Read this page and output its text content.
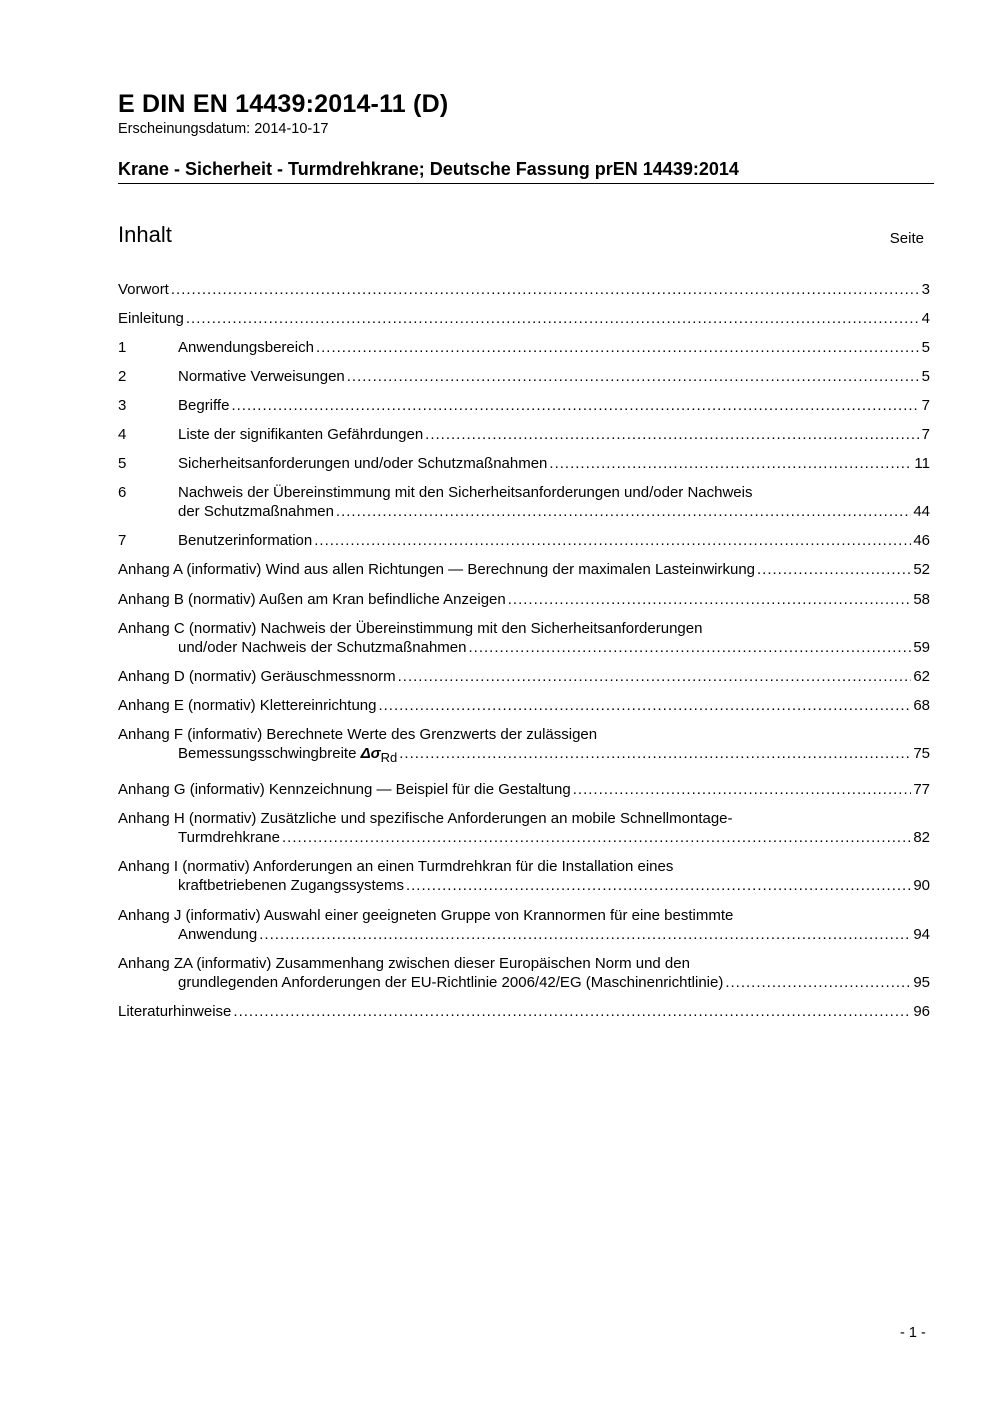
E DIN EN 14439:2014-11 (D)
Erscheinungsdatum: 2014-10-17
Krane - Sicherheit - Turmdrehkrane; Deutsche Fassung prEN 14439:2014
Inhalt	Seite
Vorwort .....	3
Einleitung .....	4
1	Anwendungsbereich .....	5
2	Normative Verweisungen .....	5
3	Begriffe .....	7
4	Liste der signifikanten Gefährdungen .....	7
5	Sicherheitsanforderungen und/oder Schutzmaßnahmen .....	11
6	Nachweis der Übereinstimmung mit den Sicherheitsanforderungen und/oder Nachweis
der Schutzmaßnahmen .....	44
7	Benutzerinformation .....	46
Anhang A (informativ) Wind aus allen Richtungen — Berechnung der maximalen Lasteinwirkung .....	52
Anhang B (normativ) Außen am Kran befindliche Anzeigen .....	58
Anhang C (normativ) Nachweis der Übereinstimmung mit den Sicherheitsanforderungen
und/oder Nachweis der Schutzmaßnahmen .....	59
Anhang D (normativ) Geräuschmessnorm .....	62
Anhang E (normativ) Klettereinrichtung .....	68
Anhang F (informativ) Berechnete Werte des Grenzwerts der zulässigen
Bemessungsschwingbreite ΔσRd .....	75
Anhang G (informativ) Kennzeichnung — Beispiel für die Gestaltung .....	77
Anhang H (normativ) Zusätzliche und spezifische Anforderungen an mobile Schnellmontage-
Turmdrehkrane .....	82
Anhang I (normativ) Anforderungen an einen Turmdrehkran für die Installation eines
kraftbetriebenen Zugangssystems .....	90
Anhang J (informativ) Auswahl einer geeigneten Gruppe von Krannormen für eine bestimmte
Anwendung .....	94
Anhang ZA (informativ) Zusammenhang zwischen dieser Europäischen Norm und den
grundlegenden Anforderungen der EU-Richtlinie 2006/42/EG (Maschinenrichtlinie) .....	95
Literaturhinweise .....	96
- 1 -
